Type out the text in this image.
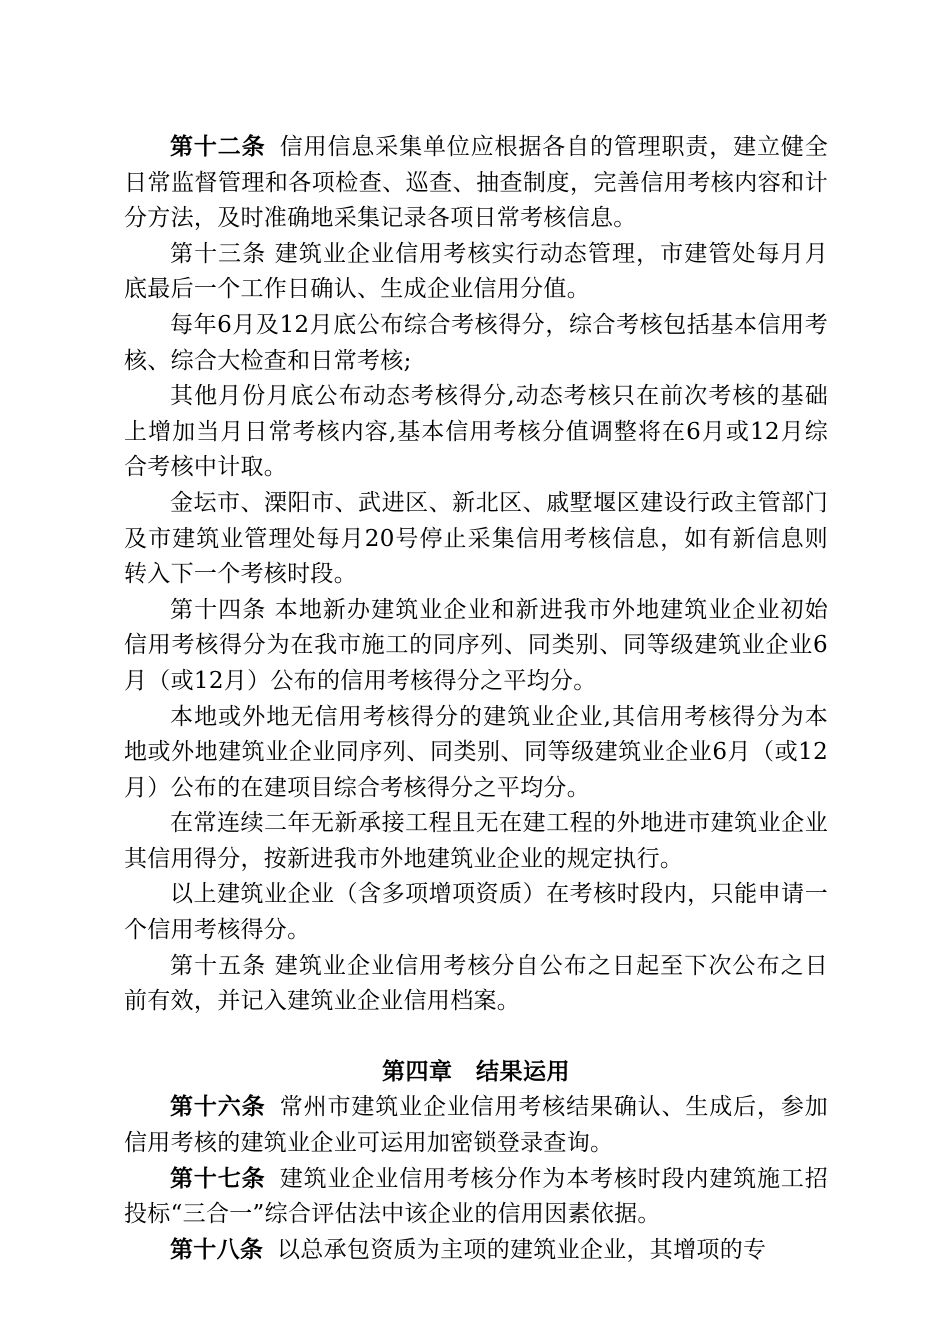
第十二条 信用信息采集单位应根据各自的管理职责，建立健全日常监督管理和各项检查、巡查、抽查制度，完善信用考核内容和计分方法，及时准确地采集记录各项日常考核信息。

第十三条 建筑业企业信用考核实行动态管理，市建管处每月月底最后一个工作日确认、生成企业信用分值。

每年6月及12月底公布综合考核得分，综合考核包括基本信用考核、综合大检查和日常考核;

其他月份月底公布动态考核得分,动态考核只在前次考核的基础上增加当月日常考核内容,基本信用考核分值调整将在6月或12月综合考核中计取。

金坛市、溧阳市、武进区、新北区、戚墅堰区建设行政主管部门及市建筑业管理处每月20号停止采集信用考核信息，如有新信息则转入下一个考核时段。

第十四条 本地新办建筑业企业和新进我市外地建筑业企业初始信用考核得分为在我市施工的同序列、同类别、同等级建筑业企业6月（或12月）公布的信用考核得分之平均分。

本地或外地无信用考核得分的建筑业企业,其信用考核得分为本地或外地建筑业企业同序列、同类别、同等级建筑业企业6月（或12月）公布的在建项目综合考核得分之平均分。

在常连续二年无新承接工程且无在建工程的外地进市建筑业企业其信用得分，按新进我市外地建筑业企业的规定执行。

以上建筑业企业（含多项增项资质）在考核时段内，只能申请一个信用考核得分。

第十五条 建筑业企业信用考核分自公布之日起至下次公布之日前有效，并记入建筑业企业信用档案。

第四章　结果运用

第十六条 常州市建筑业企业信用考核结果确认、生成后，参加信用考核的建筑业企业可运用加密锁登录查询。

第十七条 建筑业企业信用考核分作为本考核时段内建筑施工招投标“三合一”综合评估法中该企业的信用因素依据。

第十八条 以总承包资质为主项的建筑业企业，其增项的专
